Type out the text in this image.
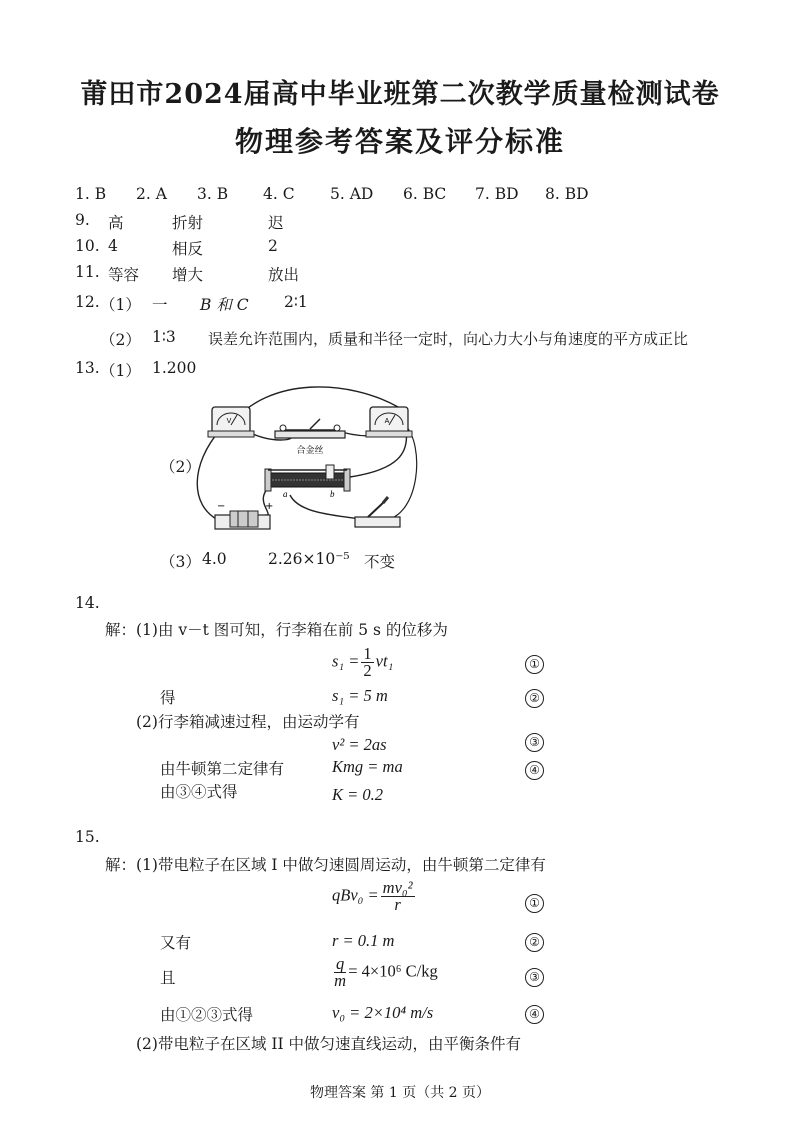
莆田市2024届高中毕业班第二次教学质量检测试卷
物理参考答案及评分标准
1. B 2. A 3. B 4. C 5. AD 6. BC 7. BD 8. BD
9. 高	折射	迟
10. 4	相反	2
11. 等容 增大	放出
12. （1） 一 B 和 C 2∶1
（2） 1∶3 误差允许范围内，质量和半径一定时，向心力大小与角速度的平方成正比
13. （1） 1.200
（2）
V	A
合金丝
a	b
−	+
（3） 4.0	2.26×10⁻⁵ 不变
14.
解：(1)由 v－t 图可知，行李箱在前 5 s 的位移为
$s_1 = \frac{1}{2} vt_1$	①
得	s₁ = 5 m	②
(2)行李箱减速过程，由运动学有
v² = 2as	③
由牛顿第二定律有	Kmg = ma	④
由③④式得	K = 0.2
15.
解：(1)带电粒子在区域 I 中做匀速圆周运动，由牛顿第二定律有
$qBv_0 = \frac{\text{mv₀²}}{r}$	①
又有	r = 0.1 m	②
且	$\frac{q}{m} = 4\times 10^6$ C/kg	③
由①②③式得	v₀ = 2×10⁴ m/s	④
(2)带电粒子在区域 II 中做匀速直线运动，由平衡条件有
物理答案 第 1 页（共 2 页）
